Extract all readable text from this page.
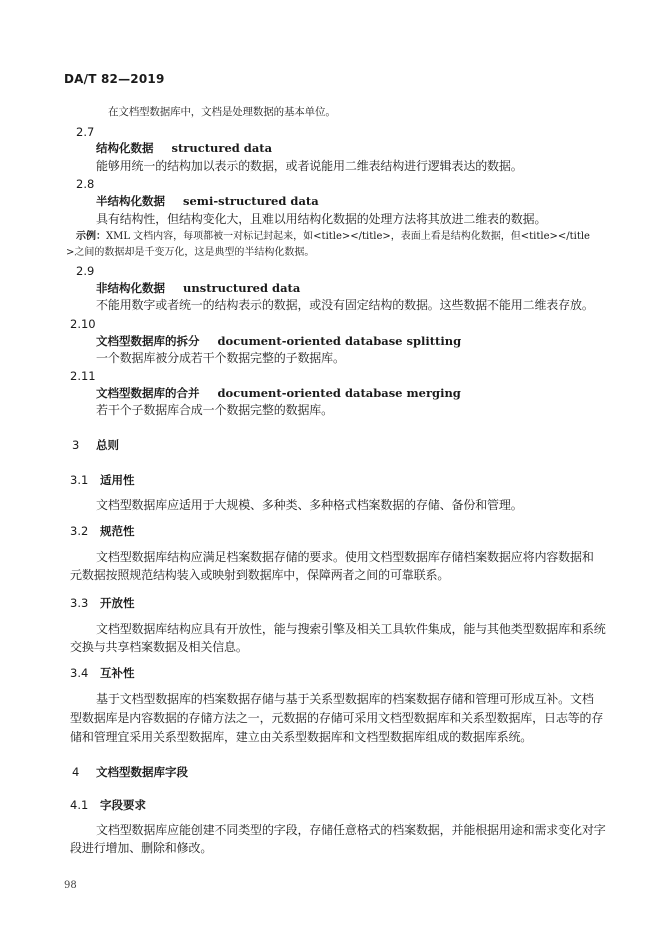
DA/T 82—2019
在文档型数据库中，文档是处理数据的基本单位。
2.7
结构化数据 structured data
能够用统一的结构加以表示的数据，或者说能用二维表结构进行逻辑表达的数据。
2.8
半结构化数据 semi-structured data
具有结构性，但结构变化大，且难以用结构化数据的处理方法将其放进二维表的数据。
示例：XML 文档内容，每项都被一对标记封起来，如<title></title>，表面上看是结构化数据，但<title></title
>之间的数据却是千变万化，这是典型的半结构化数据。
2.9
非结构化数据 unstructured data
不能用数字或者统一的结构表示的数据，或没有固定结构的数据。这些数据不能用二维表存放。
2.10
文档型数据库的拆分 document-oriented database splitting
一个数据库被分成若干个数据完整的子数据库。
2.11
文档型数据库的合并 document-oriented database merging
若干个子数据库合成一个数据完整的数据库。
3 总则
3.1 适用性
文档型数据库应适用于大规模、多种类、多种格式档案数据的存储、备份和管理。
3.2 规范性
文档型数据库结构应满足档案数据存储的要求。使用文档型数据库存储档案数据应将内容数据和
元数据按照规范结构装入或映射到数据库中，保障两者之间的可靠联系。
3.3 开放性
文档型数据库结构应具有开放性，能与搜索引擎及相关工具软件集成，能与其他类型数据库和系统
交换与共享档案数据及相关信息。
3.4 互补性
基于文档型数据库的档案数据存储与基于关系型数据库的档案数据存储和管理可形成互补。文档
型数据库是内容数据的存储方法之一，元数据的存储可采用文档型数据库和关系型数据库，日志等的存
储和管理宜采用关系型数据库，建立由关系型数据库和文档型数据库组成的数据库系统。
4 文档型数据库字段
4.1 字段要求
文档型数据库应能创建不同类型的字段，存储任意格式的档案数据，并能根据用途和需求变化对字
段进行增加、删除和修改。
98
